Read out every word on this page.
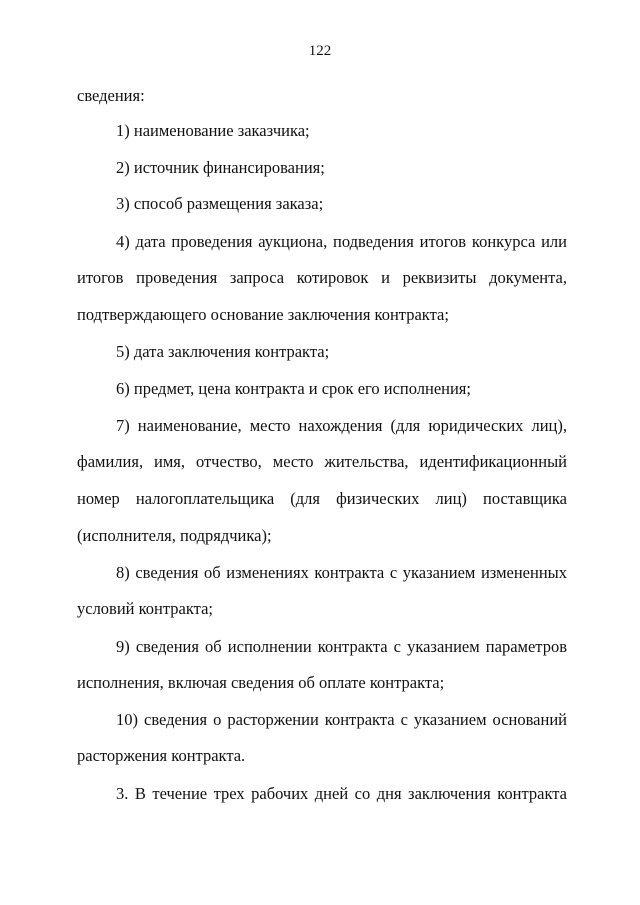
122
сведения:
1) наименование заказчика;
2) источник финансирования;
3) способ размещения заказа;
4) дата проведения аукциона, подведения итогов конкурса или
итогов проведения запроса котировок и реквизиты документа,
подтверждающего основание заключения контракта;
5) дата заключения контракта;
6) предмет, цена контракта и срок его исполнения;
7) наименование, место нахождения (для юридических лиц),
фамилия, имя, отчество, место жительства, идентификационный
номер налогоплательщика (для физических лиц) поставщика
(исполнителя, подрядчика);
8) сведения об изменениях контракта с указанием измененных
условий контракта;
9) сведения об исполнении контракта с указанием параметров
исполнения, включая сведения об оплате контракта;
10) сведения о расторжении контракта с указанием оснований
расторжения контракта.
3. В течение трех рабочих дней со дня заключения контракта
